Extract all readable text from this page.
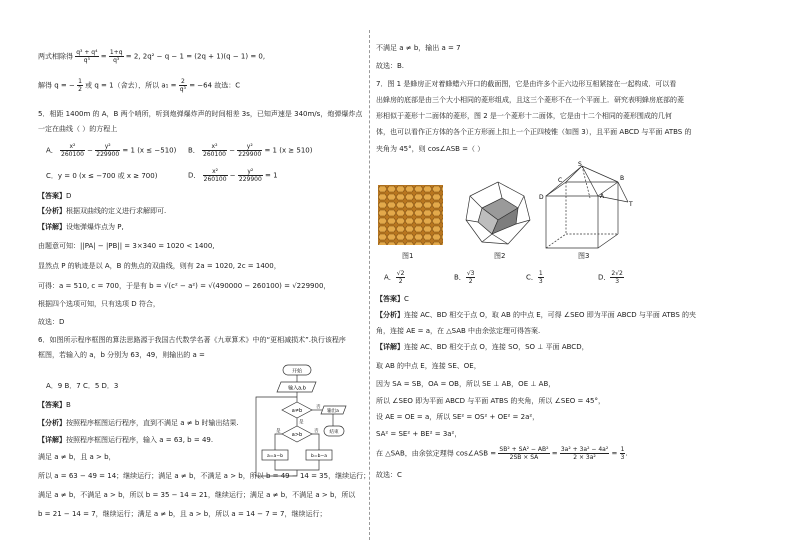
两式相除得 $\frac{\text{q³ + q⁴}}{\text{q⁵}} = \frac{1+q}{\text{q³}} = 2$, 2q² − q − 1 = (2q + 1)(q − 1) = 0,
解得 q = − $\frac{1}{2}$ 或 q = 1（舍去），所以 $a_1 = \frac{2}{\text{q³}} = -64$ 故选：C
5．相距 1400m 的 A，B 两个哨所，听到炮弹爆炸声的时间相差 3s，已知声速是 340m/s，炮弹爆炸点
一定在曲线（ ）的方程上
A． $\frac{\text{x²}}{260100} - \frac{\text{y²}}{229900} = 1$ (x ≤ −510) B． $\frac{\text{x²}}{260100} - \frac{\text{y²}}{229900} = 1$ (x ≥ 510)
C．y = 0 (x ≤ −700 或 x ≥ 700)	D． $\frac{\text{x²}}{260100} - \frac{\text{y²}}{229900} = 1$
【答案】D
【分析】根据双曲线的定义进行求解即可.
【详解】设炮弹爆炸点为 P,
由题意可知：||PA| − |PB|| = 3×340 = 1020 < 1400,
显然点 P 的轨迹是以 A，B 的焦点的双曲线，则有 2a = 1020, 2c = 1400，
可得：a = 510, c = 700，于是有 b = √(c² − a²) = √(490000 − 260100) = √229900，
根据四个选项可知，只有选项 D 符合，
故选：D
6．如图所示程序框图的算法思路源于我国古代数学名著《九章算术》中的“更相减损术”.执行该程序
框图，若输入的 a，b 分别为 63，49，则输出的 a =
A．9 B．7 C．5 D．3
【答案】B
【分析】按照程序框图运行程序，直到不满足 a ≠ b 时输出结果.
【详解】按照程序框图运行程序，输入 a = 63, b = 49.
满足 a ≠ b，且 a > b，
所以 a = 63 − 49 = 14；继续运行；满足 a ≠ b，不满足 a > b，所以 b = 49 − 14 = 35，继续运行；
满足 a ≠ b，不满足 a > b，所以 b = 35 − 14 = 21，继续运行；满足 a ≠ b，不满足 a > b，所以
b = 21 − 14 = 7，继续运行；满足 a ≠ b，且 a > b，所以 a = 14 − 7 = 7，继续运行；
开始
输入a,b
a≠b
a>b
a=a−b	b=b−a
输出a
结束
否
是
是	否
不满足 a ≠ b，输出 a = 7
故选：B.
7．图 1 是蜂房正对着蜂蜡六开口的截面图，它是由许多个正六边形互相紧接在一起构成．可以看
出蜂房的底部是由三个大小相同的菱形组成，且这三个菱形不在一个平面上．研究表明蜂房底部的菱
形相似于菱形十二面体的菱形，图 2 是一个菱形十二面体，它是由十二个相同的菱形围成的几何
体，也可以看作正方体的各个正方形面上扣上一个正四棱锥（如图 3），且平面 ABCD 与平面 ATBS 的
夹角为 45°，则 cos∠ASB =（ ）
S
C	B
D	A
T
图1	图2	图3
A． $\frac{√2}{2}$	B． $\frac{√3}{2}$	C． $\frac{1}{3}$	D． $\frac{2√2}{3}$
【答案】C
【分析】连接 AC、BD 相交于点 O，取 AB 的中点 E，可得 ∠SEO 即为平面 ABCD 与平面 ATBS 的夹
角，连接 AE = a，在 △SAB 中由余弦定理可得答案.
【详解】连接 AC、BD 相交于点 O，连接 SO，SO ⊥ 平面 ABCD，
取 AB 的中点 E，连接 SE、OE，
因为 SA = SB，OA = OB，所以 SE ⊥ AB，OE ⊥ AB，
所以 ∠SEO 即为平面 ABCD 与平面 ATBS 的夹角，所以 ∠SEO = 45°，
设 AE = OE = a，所以 SE² = OS² + OE² = 2a²，
SA² = SE² + BE² = 3a²，
在 △SAB，由余弦定理得 cos∠ASB = $\frac{\text{SB² + SA² − AB²}}{2SB \times SA} = \frac{\text{3a² + 3a² − 4a²}}{\text{2 × 3a²}} = \frac{1}{3}$ .
故选：C
